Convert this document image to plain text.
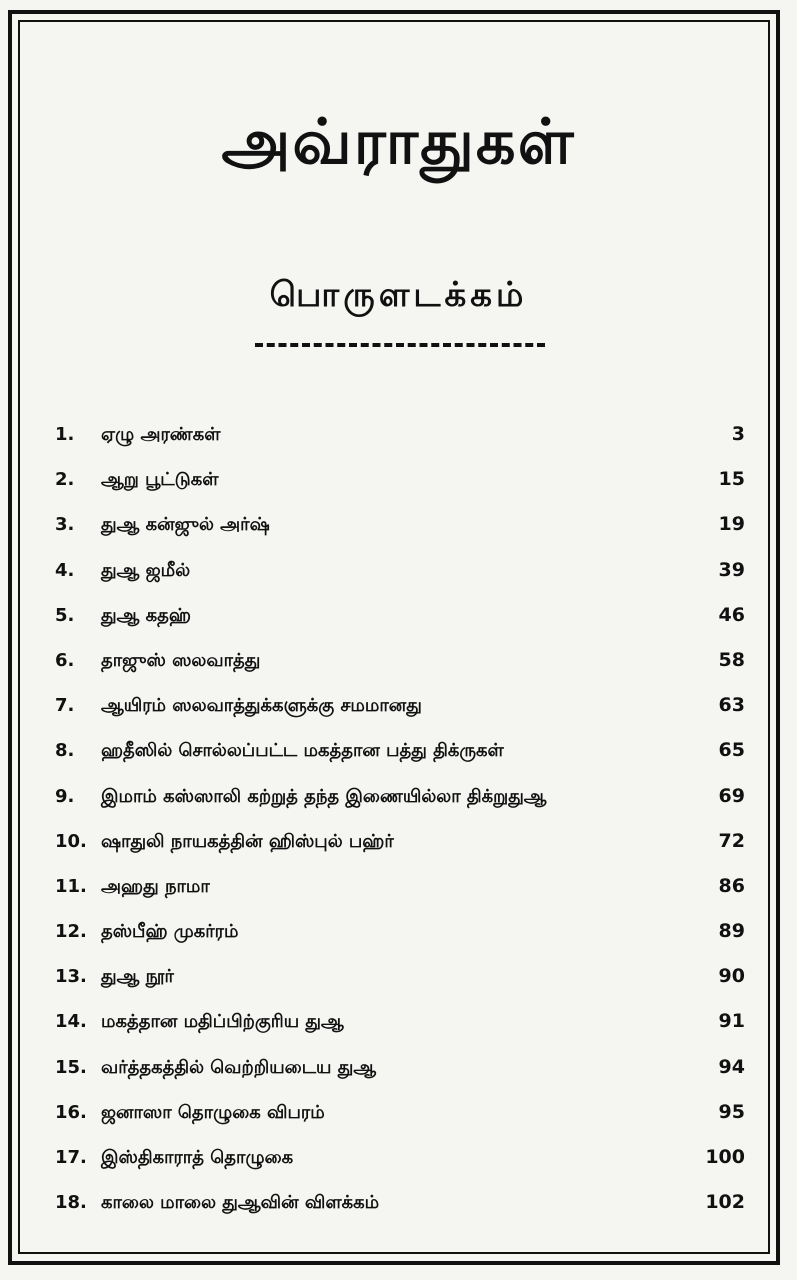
அவ்ராதுகள்
பொருளடக்கம்
1. ஏழு அரண்கள்	3
2. ஆறு பூட்டுகள்	15
3. துஆ கன்ஜுல் அர்ஷ்	19
4. துஆ ஜமீல்	39
5. துஆ கதஹ்	46
6. தாஜுஸ் ஸலவாத்து	58
7. ஆயிரம் ஸலவாத்துக்களுக்கு சமமானது	63
8. ஹதீஸில் சொல்லப்பட்ட மகத்தான பத்து திக்ருகள்	65
9. இமாம் கஸ்ஸாலி கற்றுத் தந்த இணையில்லா திக்றுதுஆ	69
10. ஷாதுலி நாயகத்தின் ஹிஸ்புல் பஹ்ர்	72
11. அஹது நாமா	86
12. தஸ்பீஹ் முகர்ரம்	89
13. துஆ நூர்	90
14. மகத்தான மதிப்பிற்குரிய துஆ	91
15. வர்த்தகத்தில் வெற்றியடைய துஆ	94
16. ஜனாஸா தொழுகை விபரம்	95
17. இஸ்திகாராத் தொழுகை	100
18. காலை மாலை துஆவின் விளக்கம்	102
